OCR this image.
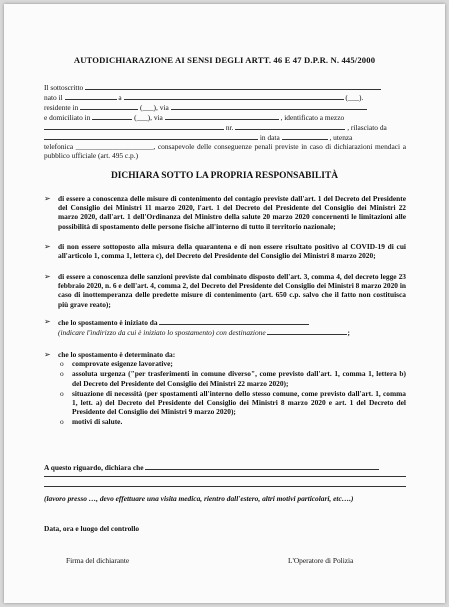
AUTODICHIARAZIONE AI SENSI DEGLI ARTT. 46 E 47 D.P.R. N. 445/2000
Il sottoscritto
nato il	a	(___).
residente in	(___), via
e domiciliato in	(___), via	, identificato a mezzo
nr.	, rilasciato da
in data	, utenza
telefonica _____________________, consapevole delle conseguenze penali previste in caso di dichiarazioni mendaci a pubblico ufficiale (art. 495 c.p.)
DICHIARA SOTTO LA PROPRIA RESPONSABILITÀ
➢ di essere a conoscenza delle misure di contenimento del contagio previste dall'art. 1 del Decreto del Presidente del Consiglio dei Ministri 11 marzo 2020, l'art. 1 del Decreto del Presidente del Consiglio dei Ministri 22 marzo 2020, dall'art. 1 dell'Ordinanza del Ministro della salute 20 marzo 2020 concernenti le limitazioni alle possibilità di spostamento delle persone fisiche all'interno di tutto il territorio nazionale;
➢ di non essere sottoposto alla misura della quarantena e di non essere risultato positivo al COVID-19 di cui all'articolo 1, comma 1, lettera c), del Decreto del Presidente del Consiglio dei Ministri 8 marzo 2020;
➢ di essere a conoscenza delle sanzioni previste dal combinato disposto dell'art. 3, comma 4, del decreto legge 23 febbraio 2020, n. 6 e dell'art. 4, comma 2, del Decreto del Presidente del Consiglio dei Ministri 8 marzo 2020 in caso di inottemperanza delle predette misure di contenimento (art. 650 c.p. salvo che il fatto non costituisca più grave reato);
➢ che lo spostamento è iniziato da
(indicare l'indirizzo da cui è iniziato lo spostamento) con destinazione	;
➢ che lo spostamento è determinato da:
o comprovate esigenze lavorative;
o assoluta urgenza ("per trasferimenti in comune diverso", come previsto dall'art. 1, comma 1, lettera b) del Decreto del Presidente del Consiglio dei Ministri 22 marzo 2020);
o situazione di necessità (per spostamenti all'interno dello stesso comune, come previsto dall'art. 1, comma 1, lett. a) del Decreto del Presidente del Consiglio dei Ministri 8 marzo 2020 e art. 1 del Decreto del Presidente del Consiglio dei Ministri 9 marzo 2020);
o motivi di salute.
A questo riguardo, dichiara che
(lavoro presso …, devo effettuare una visita medica, rientro dall'estero, altri motivi particolari, etc….)
Data, ora e luogo del controllo
Firma del dichiarante	L'Operatore di Polizia
